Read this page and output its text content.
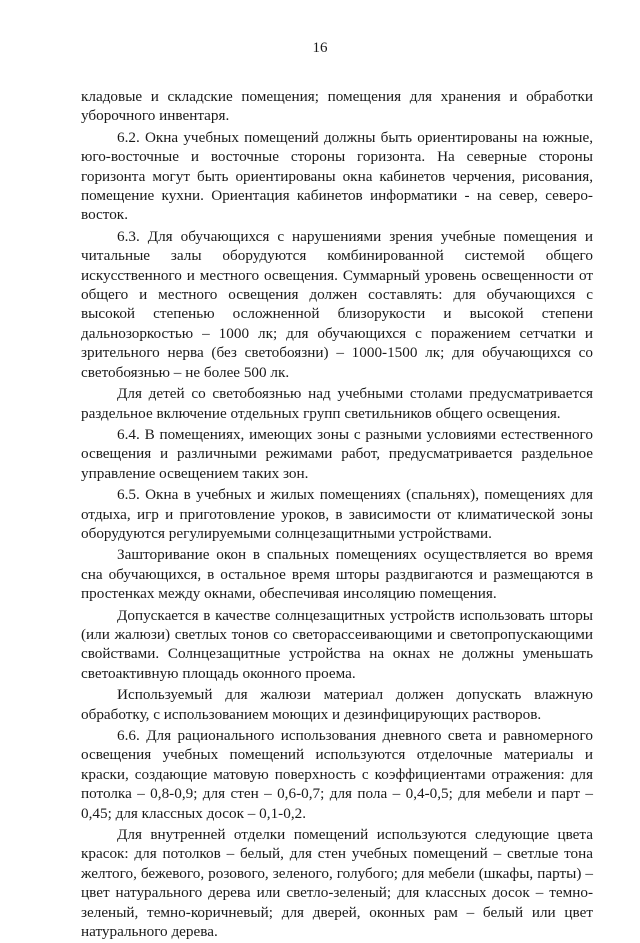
16

кладовые и складские помещения; помещения для хранения и обработки уборочного инвентаря.

6.2. Окна учебных помещений должны быть ориентированы на южные, юго-восточные и восточные стороны горизонта. На северные стороны горизонта могут быть ориентированы окна кабинетов черчения, рисования, помещение кухни. Ориентация кабинетов информатики - на север, северо-восток.

6.3. Для обучающихся с нарушениями зрения учебные помещения и читальные залы оборудуются комбинированной системой общего искусственного и местного освещения. Суммарный уровень освещенности от общего и местного освещения должен составлять: для обучающихся с высокой степенью осложненной близорукости и высокой степени дальнозоркостью – 1000 лк; для обучающихся с поражением сетчатки и зрительного нерва (без светобоязни) – 1000-1500 лк; для обучающихся со светобоязнью – не более 500 лк.

Для детей со светобоязнью над учебными столами предусматривается раздельное включение отдельных групп светильников общего освещения.

6.4. В помещениях, имеющих зоны с разными условиями естественного освещения и различными режимами работ, предусматривается раздельное управление освещением таких зон.

6.5. Окна в учебных и жилых помещениях (спальнях), помещениях для отдыха, игр и приготовление уроков, в зависимости от климатической зоны оборудуются регулируемыми солнцезащитными устройствами.

Зашторивание окон в спальных помещениях осуществляется во время сна обучающихся, в остальное время шторы раздвигаются и размещаются в простенках между окнами, обеспечивая инсоляцию помещения.

Допускается в качестве солнцезащитных устройств использовать шторы (или жалюзи) светлых тонов со светорассеивающими и светопропускающими свойствами. Солнцезащитные устройства на окнах не должны уменьшать светоактивную площадь оконного проема.

Используемый для жалюзи материал должен допускать влажную обработку, с использованием моющих и дезинфицирующих растворов.

6.6. Для рационального использования дневного света и равномерного освещения учебных помещений используются отделочные материалы и краски, создающие матовую поверхность с коэффициентами отражения: для потолка – 0,8-0,9; для стен – 0,6-0,7; для пола – 0,4-0,5; для мебели и парт – 0,45; для классных досок – 0,1-0,2.

Для внутренней отделки помещений используются следующие цвета красок: для потолков – белый, для стен учебных помещений – светлые тона желтого, бежевого, розового, зеленого, голубого; для мебели (шкафы, парты) – цвет натурального дерева или светло-зеленый; для классных досок – темно-зеленый, темно-коричневый; для дверей, оконных рам – белый или цвет натурального дерева.
